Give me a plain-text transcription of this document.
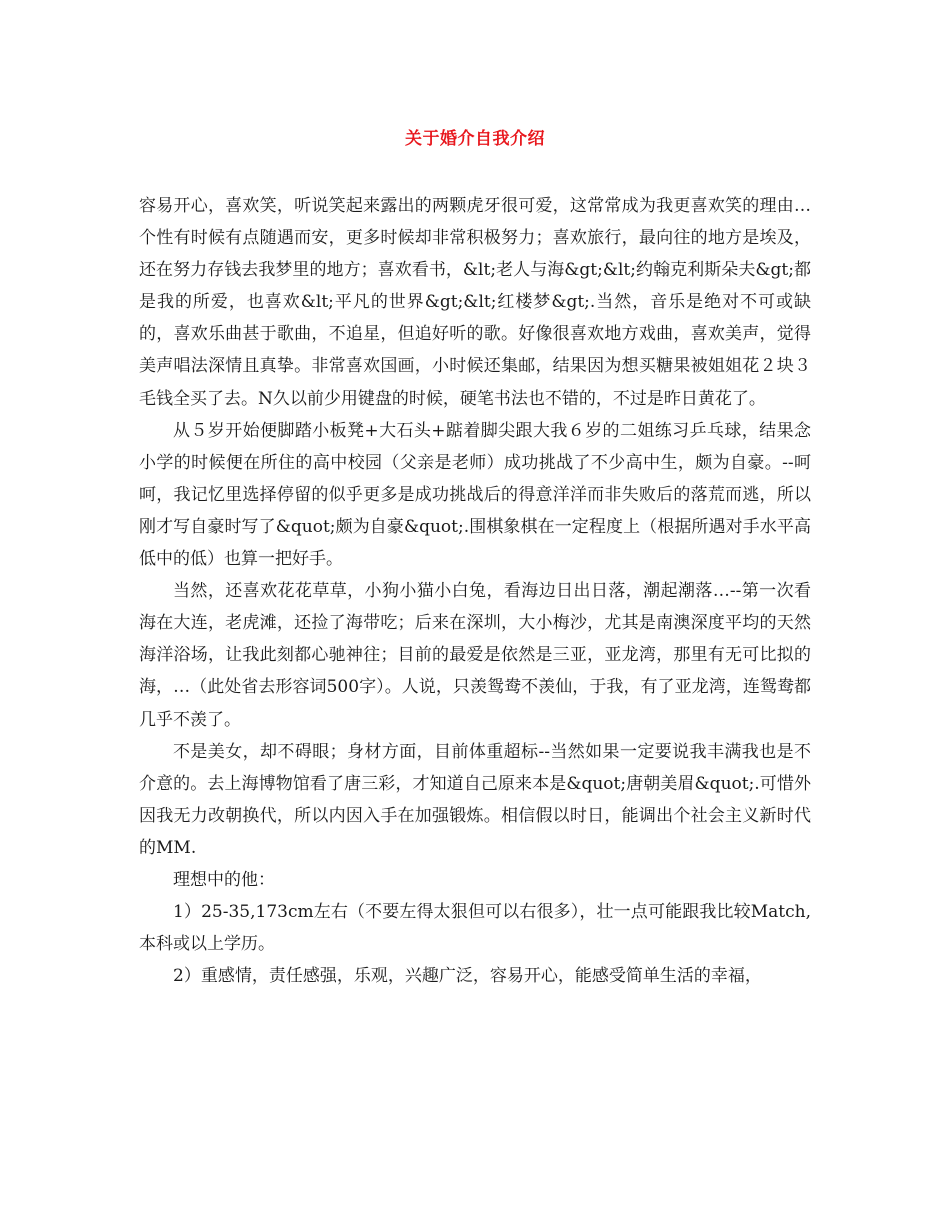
关于婚介自我介绍

容易开心，喜欢笑，听说笑起来露出的两颗虎牙很可爱，这常常成为我更喜欢笑的理由…个性有时候有点随遇而安，更多时候却非常积极努力；喜欢旅行，最向往的地方是埃及，还在努力存钱去我梦里的地方；喜欢看书，&lt;老人与海&gt;&lt;约翰克利斯朵夫&gt;都是我的所爱，也喜欢&lt;平凡的世界&gt;&lt;红楼梦&gt;.当然，音乐是绝对不可或缺的，喜欢乐曲甚于歌曲，不追星，但追好听的歌。好像很喜欢地方戏曲，喜欢美声，觉得美声唱法深情且真挚。非常喜欢国画，小时候还集邮，结果因为想买糖果被姐姐花２块３毛钱全买了去。N久以前少用键盘的时候，硬笔书法也不错的，不过是昨日黄花了。

从５岁开始便脚踏小板凳+大石头+踮着脚尖跟大我６岁的二姐练习乒乓球，结果念小学的时候便在所住的高中校园（父亲是老师）成功挑战了不少高中生，颇为自豪。--呵呵，我记忆里选择停留的似乎更多是成功挑战后的得意洋洋而非失败后的落荒而逃，所以刚才写自豪时写了&quot;颇为自豪&quot;.围棋象棋在一定程度上（根据所遇对手水平高低中的低）也算一把好手。

当然，还喜欢花花草草，小狗小猫小白兔，看海边日出日落，潮起潮落…--第一次看海在大连，老虎滩，还捡了海带吃；后来在深圳，大小梅沙，尤其是南澳深度平均的天然海洋浴场，让我此刻都心驰神往；目前的最爱是依然是三亚，亚龙湾，那里有无可比拟的海，…（此处省去形容词500字）。人说，只羡鸳鸯不羡仙，于我，有了亚龙湾，连鸳鸯都几乎不羡了。

不是美女，却不碍眼；身材方面，目前体重超标--当然如果一定要说我丰满我也是不介意的。去上海博物馆看了唐三彩，才知道自己原来本是&quot;唐朝美眉&quot;.可惜外因我无力改朝换代，所以内因入手在加强锻炼。相信假以时日，能调出个社会主义新时代的MM.

理想中的他：

1）25-35,173cm左右（不要左得太狠但可以右很多），壮一点可能跟我比较Match,本科或以上学历。

2）重感情，责任感强，乐观，兴趣广泛，容易开心，能感受简单生活的幸福，
